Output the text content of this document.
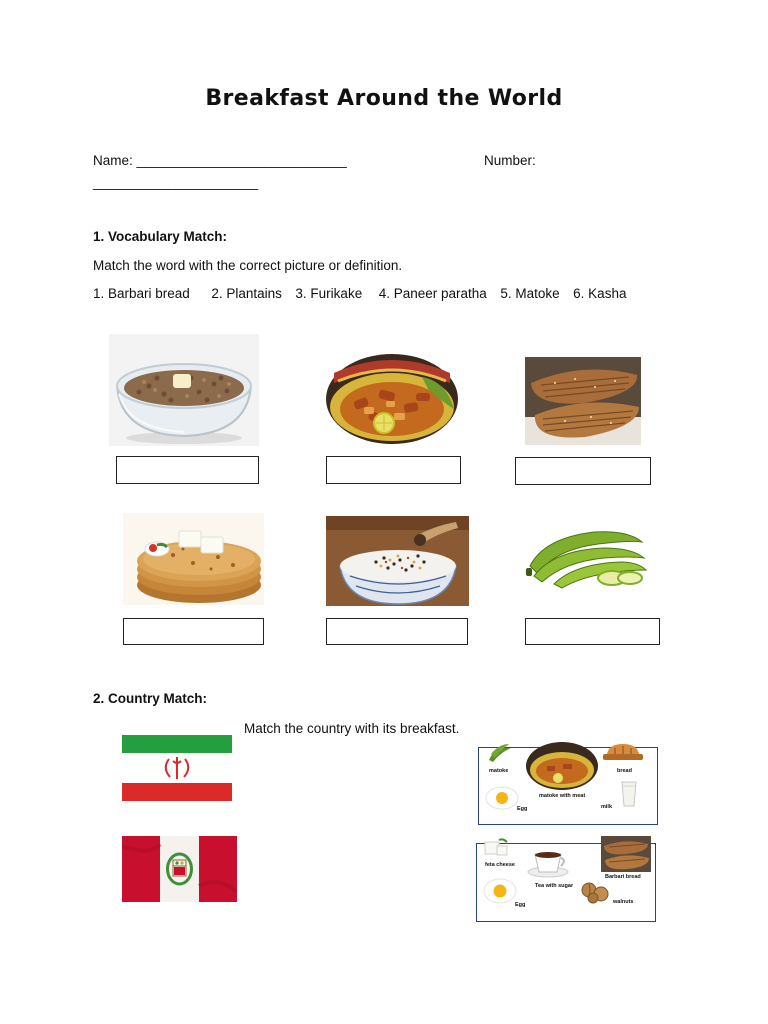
Breakfast Around the World
Name: ____________________________	Number:
______________________
1. Vocabulary Match:
Match the word with the correct picture or definition.
1. Barbari bread 2. Plantains 3. Furikake 4. Paneer paratha 5. Matoke 6. Kasha
2. Country Match:
Match the country with its breakfast.
matoke
matoke with meat
bread
Egg	milk
feta cheese
Tea with sugar
Barbari bread
Egg	walnuts
